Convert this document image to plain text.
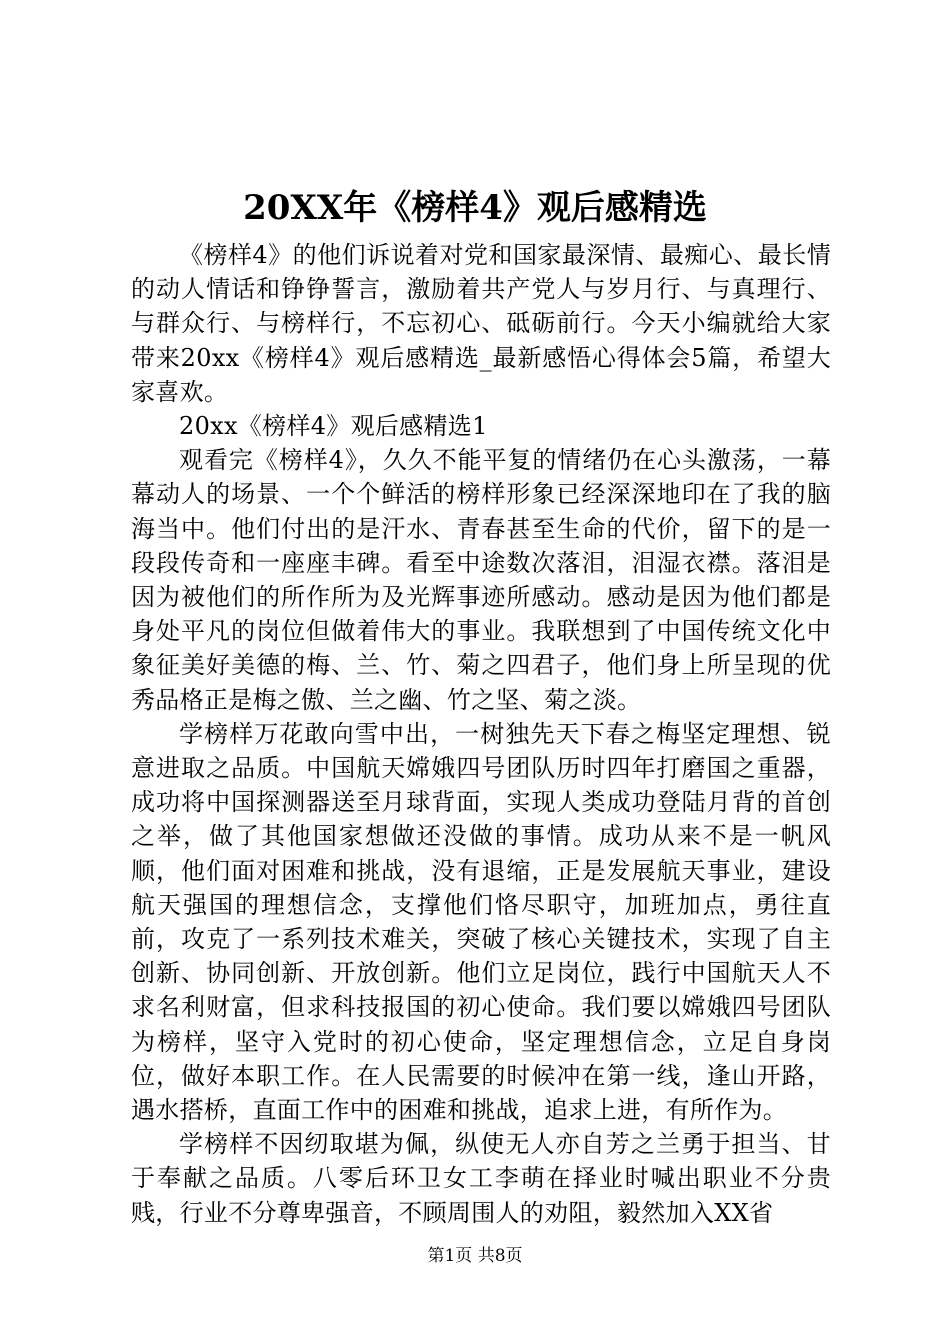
20XX年《榜样4》观后感精选

《榜样4》的他们诉说着对党和国家最深情、最痴心、最长情的动人情话和铮铮誓言，激励着共产党人与岁月行、与真理行、与群众行、与榜样行，不忘初心、砥砺前行。今天小编就给大家带来20xx《榜样4》观后感精选_最新感悟心得体会5篇，希望大家喜欢。

20xx《榜样4》观后感精选1

观看完《榜样4》，久久不能平复的情绪仍在心头激荡，一幕幕动人的场景、一个个鲜活的榜样形象已经深深地印在了我的脑海当中。他们付出的是汗水、青春甚至生命的代价，留下的是一段段传奇和一座座丰碑。看至中途数次落泪，泪湿衣襟。落泪是因为被他们的所作所为及光辉事迹所感动。感动是因为他们都是身处平凡的岗位但做着伟大的事业。我联想到了中国传统文化中象征美好美德的梅、兰、竹、菊之四君子，他们身上所呈现的优秀品格正是梅之傲、兰之幽、竹之坚、菊之淡。

学榜样万花敢向雪中出，一树独先天下春之梅坚定理想、锐意进取之品质。中国航天嫦娥四号团队历时四年打磨国之重器，成功将中国探测器送至月球背面，实现人类成功登陆月背的首创之举，做了其他国家想做还没做的事情。成功从来不是一帆风顺，他们面对困难和挑战，没有退缩，正是发展航天事业，建设航天强国的理想信念，支撑他们恪尽职守，加班加点，勇往直前，攻克了一系列技术难关，突破了核心关键技术，实现了自主创新、协同创新、开放创新。他们立足岗位，践行中国航天人不求名利财富，但求科技报国的初心使命。我们要以嫦娥四号团队为榜样，坚守入党时的初心使命，坚定理想信念，立足自身岗位，做好本职工作。在人民需要的时候冲在第一线，逢山开路，遇水搭桥，直面工作中的困难和挑战，追求上进，有所作为。

学榜样不因纫取堪为佩，纵使无人亦自芳之兰勇于担当、甘于奉献之品质。八零后环卫女工李萌在择业时喊出职业不分贵贱，行业不分尊卑强音，不顾周围人的劝阻，毅然加入XX省

第1页 共8页
